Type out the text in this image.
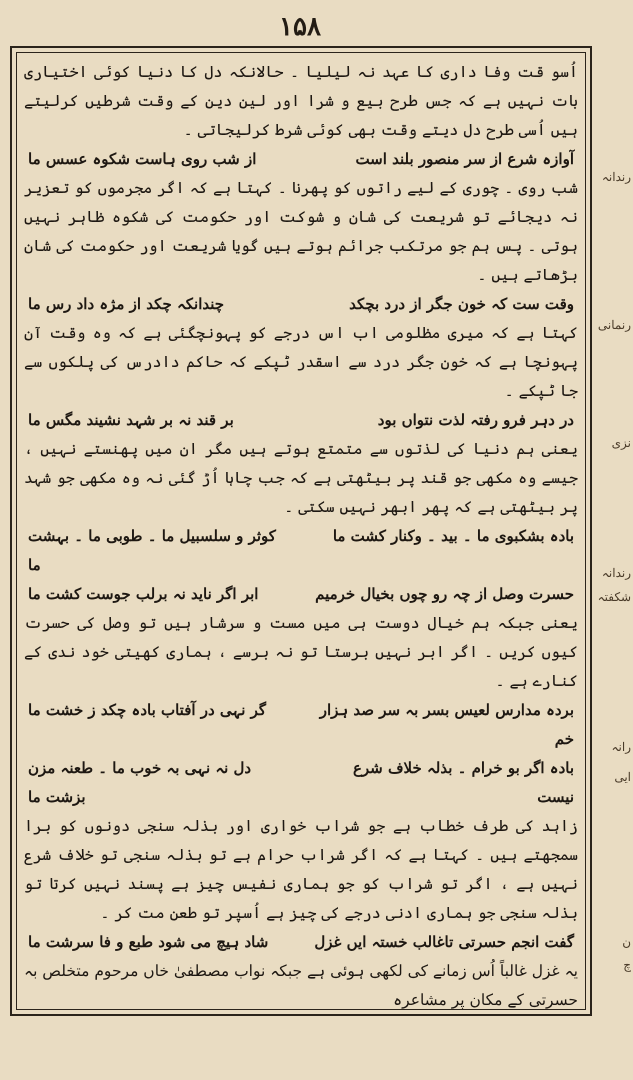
۱۵۸

اُسو قت وفا داری کا عہد نہ لیلیا ۔ حالانکہ دل کا دنیا کوئی اختیاری بات نہیں ہے کہ جس طرح بیع و شرا اور لین دین کے وقت شرطیں کرلیتے ہیں اُسی طرح دل دیتے وقت بھی کوئی شرط کرلیجاتی ۔

آوازہ شرع از سر منصور بلند است
از شب روی ہاست شکوہ عسس ما

شب روی ۔ چوری کے لیے راتوں کو پھرنا ۔ کہتا ہے کہ اگر مجرموں کو تعزیر نہ دیجائے تو شریعت کی شان و شوکت اور حکومت کی شکوہ ظاہر نہیں ہوتی ۔ پس ہم جو مرتکب جرائم ہوتے ہیں گویا شریعت اور حکومت کی شان بڑھاتے ہیں ۔

وقت ست کہ خون جگر از درد بچکد
چندانکہ چکد از مژہ داد رس ما

کہتا ہے کہ میری مظلومی اب اس درجے کو پہونچگئی ہے کہ وہ وقت آن پہونچا ہے کہ خون جگر درد سے اسقدر ٹپکے کہ حاکم دادرس کی پلکوں سے جا ٹپکے ۔

در دہر فرو رفتہ لذت نتواں بود
بر قند نہ بر شہد نشیند مگس ما

یعنی ہم دنیا کی لذتوں سے متمتع ہوتے ہیں مگر ان میں پھنستے نہیں ، جیسے وہ مکھی جو قند پر بیٹھتی ہے کہ جب چاہا اُڑ گئی نہ وہ مکھی جو شہد پر بیٹھتی ہے کہ پھر ابھر نہیں سکتی ۔

بادہ بشکبوی ما ۔ بید ۔ وکنار کشت ما
کوثر و سلسبیل ما ۔ طوبی ما ۔ بہشت ما
حسرت وصل از چہ رو چوں بخیال خرمیم
ابر اگر ناید نہ برلب جوست کشت ما

یعنی جبکہ ہم خیال دوست ہی میں مست و سرشار ہیں تو وصل کی حسرت کیوں کریں ۔ اگر ابر نہیں برستا تو نہ برسے ، ہماری کھیتی خود ندی کے کنارے ہے ۔

بردہ مدارس لعیس بسر بہ سر صد ہزار خم
گر نہی در آفتاب بادہ چکد ز خشت ما
بادہ اگر بو خرام ۔ بذلہ خلاف شرع نیست
دل نہ نہی بہ خوب ما ۔ طعنہ مزن بزشت ما

زاہد کی طرف خطاب ہے جو شراب خواری اور بذلہ سنجی دونوں کو برا سمجھتے ہیں ۔ کہتا ہے کہ اگر شراب حرام ہے تو بذلہ سنجی تو خلاف شرع نہیں ہے ، اگر تو شراب کو جو ہماری نفیس چیز ہے پسند نہیں کرتا تو بذلہ سنجی جو ہماری ادنی درجے کی چیز ہے اُسپر تو طعن مت کر ۔

گفت انجم حسرتی تاغالب خستہ ایں غزل
شاد ہیچ می شود طبع و فا سرشت ما

یہ غزل غالباً اُس زمانے کی لکھی ہوئی ہے جبکہ نواب مصطفیٰ خاں مرحوم متخلص بہ حسرتی کے مکان پر مشاعرہ

رندانہ
رنمانی
نزی
رندانہ
شکفتہ
رانہ
ایی
ن
چ
